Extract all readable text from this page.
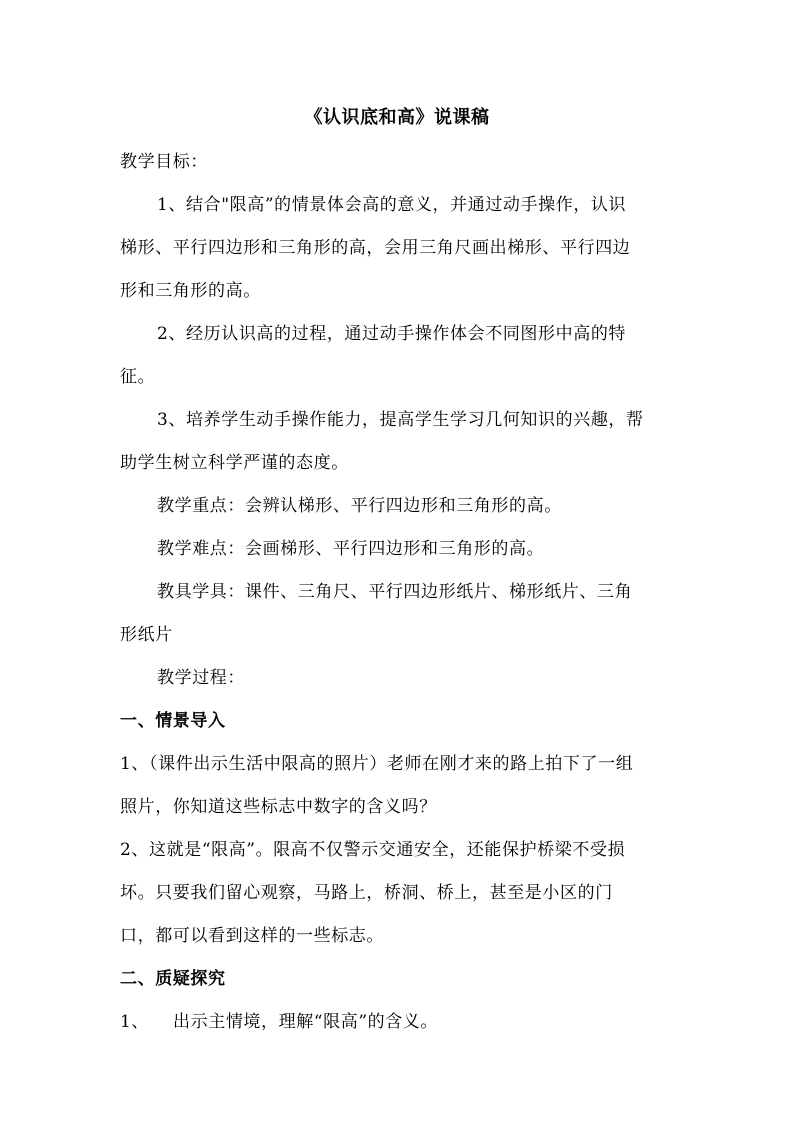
《认识底和高》说课稿
教学目标：
1、结合"限高”的情景体会高的意义，并通过动手操作，认识
梯形、平行四边形和三角形的高，会用三角尺画出梯形、平行四边
形和三角形的高。
2、经历认识高的过程，通过动手操作体会不同图形中高的特
征。
3、培养学生动手操作能力，提高学生学习几何知识的兴趣，帮
助学生树立科学严谨的态度。
教学重点：会辨认梯形、平行四边形和三角形的高。
教学难点：会画梯形、平行四边形和三角形的高。
教具学具：课件、三角尺、平行四边形纸片、梯形纸片、三角
形纸片
教学过程：
一、情景导入
1、（课件出示生活中限高的照片）老师在刚才来的路上拍下了一组
照片，你知道这些标志中数字的含义吗？
2、这就是“限高”。限高不仅警示交通安全，还能保护桥梁不受损
坏。只要我们留心观察，马路上，桥洞、桥上，甚至是小区的门
口，都可以看到这样的一些标志。
二、质疑探究
1、    出示主情境，理解“限高”的含义。
